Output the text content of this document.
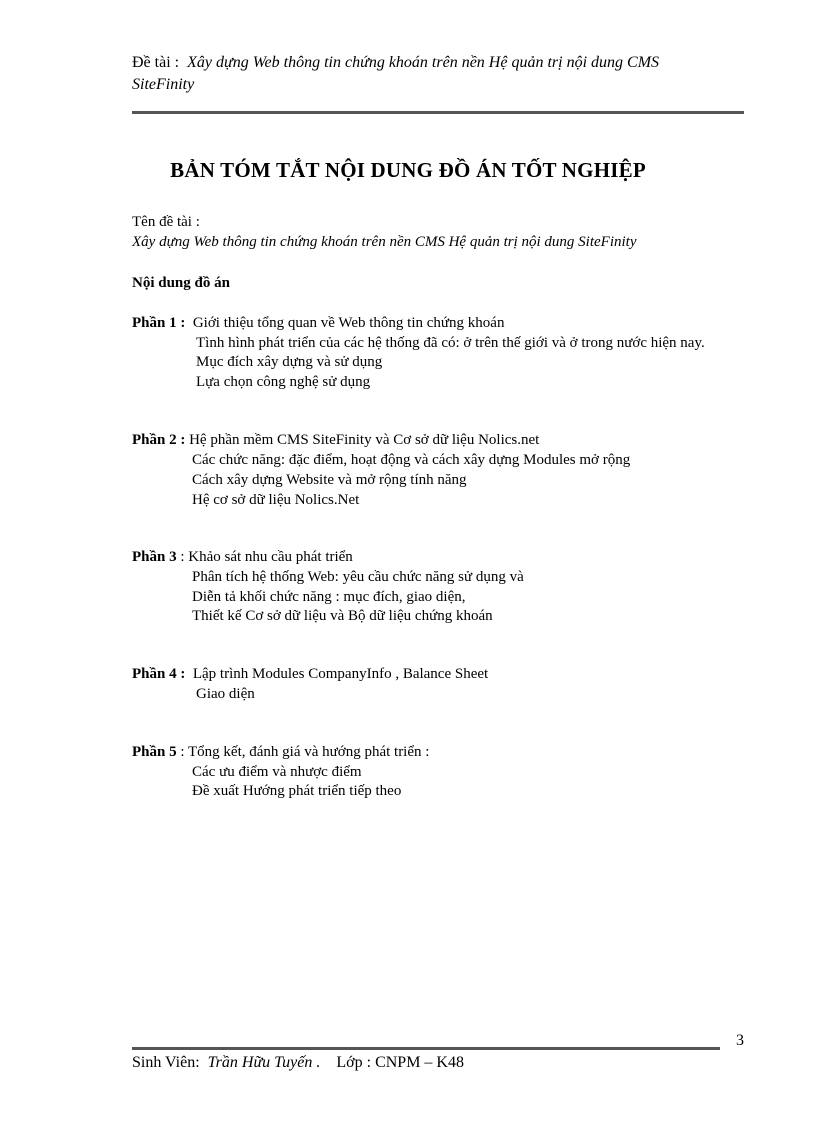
Đề tài : Xây dựng Web thông tin chứng khoán trên nền Hệ quản trị nội dung CMS
SiteFinity
BẢN TÓM TẮT NỘI DUNG ĐỒ ÁN TỐT NGHIỆP
Tên đề tài :
Xây dựng Web thông tin chứng khoán trên nền CMS Hệ quản trị nội dung SiteFinity
Nội dung đồ án
Phần 1 : Giới thiệu tổng quan về Web thông tin chứng khoán
Tình hình phát triển của các hệ thống đã có: ở trên thế giới và ở trong nước hiện nay.
Mục đích xây dựng và sử dụng
Lựa chọn công nghệ sử dụng
Phần 2 : Hệ phần mềm CMS SiteFinity và Cơ sở dữ liệu Nolics.net
Các chức năng: đặc điểm, hoạt động và cách xây dựng Modules mở rộng
Cách xây dựng Website và mở rộng tính năng
Hệ cơ sở dữ liệu Nolics.Net
Phần 3 : Khảo sát nhu cầu phát triển
Phân tích hệ thống Web: yêu cầu chức năng sử dụng và
Diễn tả khối chức năng : mục đích, giao diện,
Thiết kế Cơ sở dữ liệu và Bộ dữ liệu chứng khoán
Phần 4 : Lập trình Modules CompanyInfo , Balance Sheet
Giao diện
Phần 5 : Tổng kết, đánh giá và hướng phát triển :
Các ưu điểm và nhược điểm
Đề xuất Hướng phát triển tiếp theo
3
Sinh Viên: Trần Hữu Tuyến . Lớp : CNPM – K48
